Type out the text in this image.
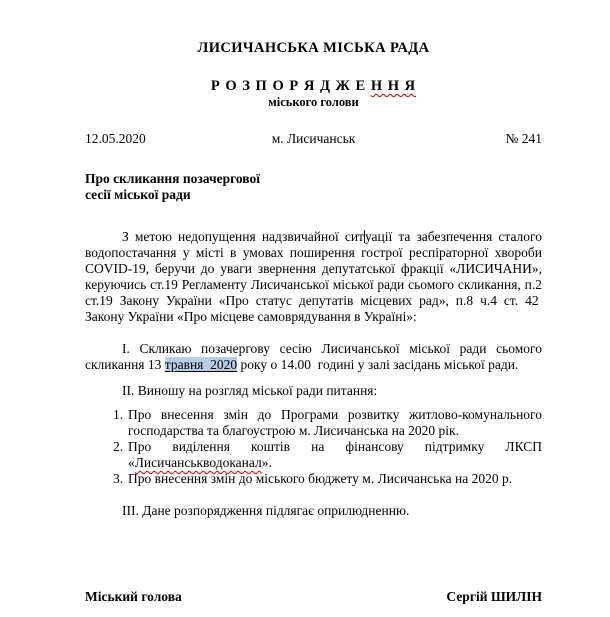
ЛИСИЧАНСЬКА МІСЬКА РАДА
Р О З П О Р Я Д Ж Е Н Н Я
міського голови
12.05.2020	м. Лисичанськ	№ 241
Про скликання позачергової
сесії міської ради

З метою недопущення надзвичайної ситуації та забезпечення сталого водопостачання у місті в умовах поширення гострої респіраторної хвороби COVID-19, беручи до уваги звернення депутатської фракції «ЛИСИЧАНИ», керуючись ст.19 Регламенту Лисичанської міської ради сьомого скликання, п.2 ст.19 Закону України «Про статус депутатів місцевих рад», п.8 ч.4 ст. 42  Закону України «Про місцеве самоврядування в Україні»:

І. Скликаю позачергову сесію Лисичанської міської ради сьомого скликання 13 травня  2020 року о 14.00  годині у залі засідань міської ради.

ІІ. Виношу на розгляд міської ради питання:

1. Про внесення змін до Програми розвитку житлово-комунального господарства та благоустрою м. Лисичанська на 2020 рік.
2. Про виділення коштів на фінансову підтримку ЛКСП «Лисичанськводоканал».
3. Про внесення змін до міського бюджету м. Лисичанська на 2020 р.

ІІІ. Дане розпорядження підлягає оприлюдненню.

Міський голова	Сергій ШИЛІН
